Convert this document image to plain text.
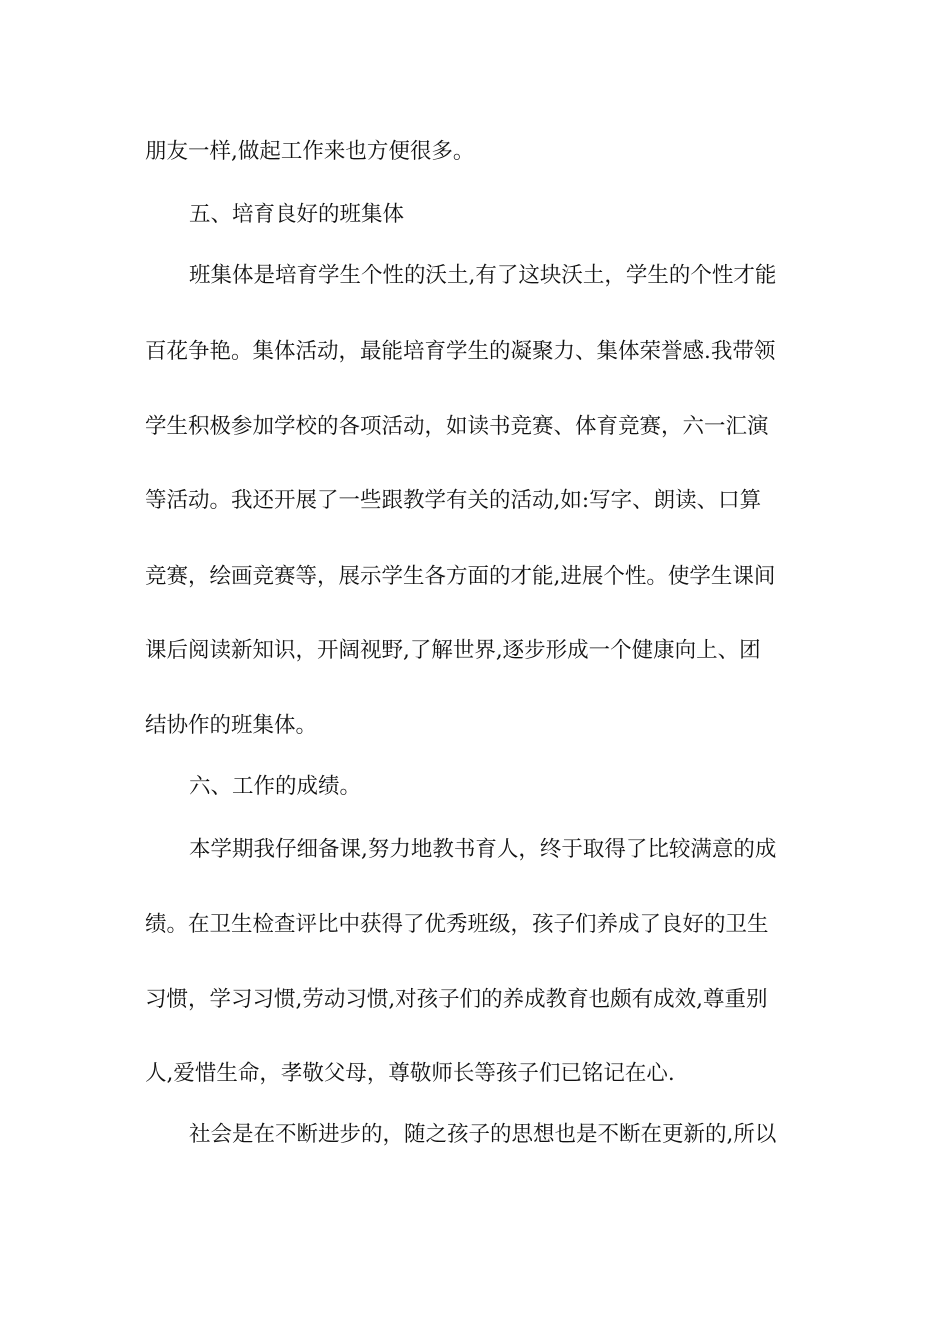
朋友一样,做起工作来也方便很多。
五、培育良好的班集体
班集体是培育学生个性的沃土,有了这块沃土，学生的个性才能
百花争艳。集体活动，最能培育学生的凝聚力、集体荣誉感.我带领
学生积极参加学校的各项活动，如读书竞赛、体育竞赛，六一汇演
等活动。我还开展了一些跟教学有关的活动,如:写字、朗读、口算
竞赛，绘画竞赛等，展示学生各方面的才能,进展个性。使学生课间
课后阅读新知识，开阔视野,了解世界,逐步形成一个健康向上、团
结协作的班集体。
六、工作的成绩。
本学期我仔细备课,努力地教书育人，终于取得了比较满意的成
绩。在卫生检查评比中获得了优秀班级，孩子们养成了良好的卫生
习惯，学习习惯,劳动习惯,对孩子们的养成教育也颇有成效,尊重别
人,爱惜生命，孝敬父母，尊敬师长等孩子们已铭记在心.
社会是在不断进步的，随之孩子的思想也是不断在更新的,所以
